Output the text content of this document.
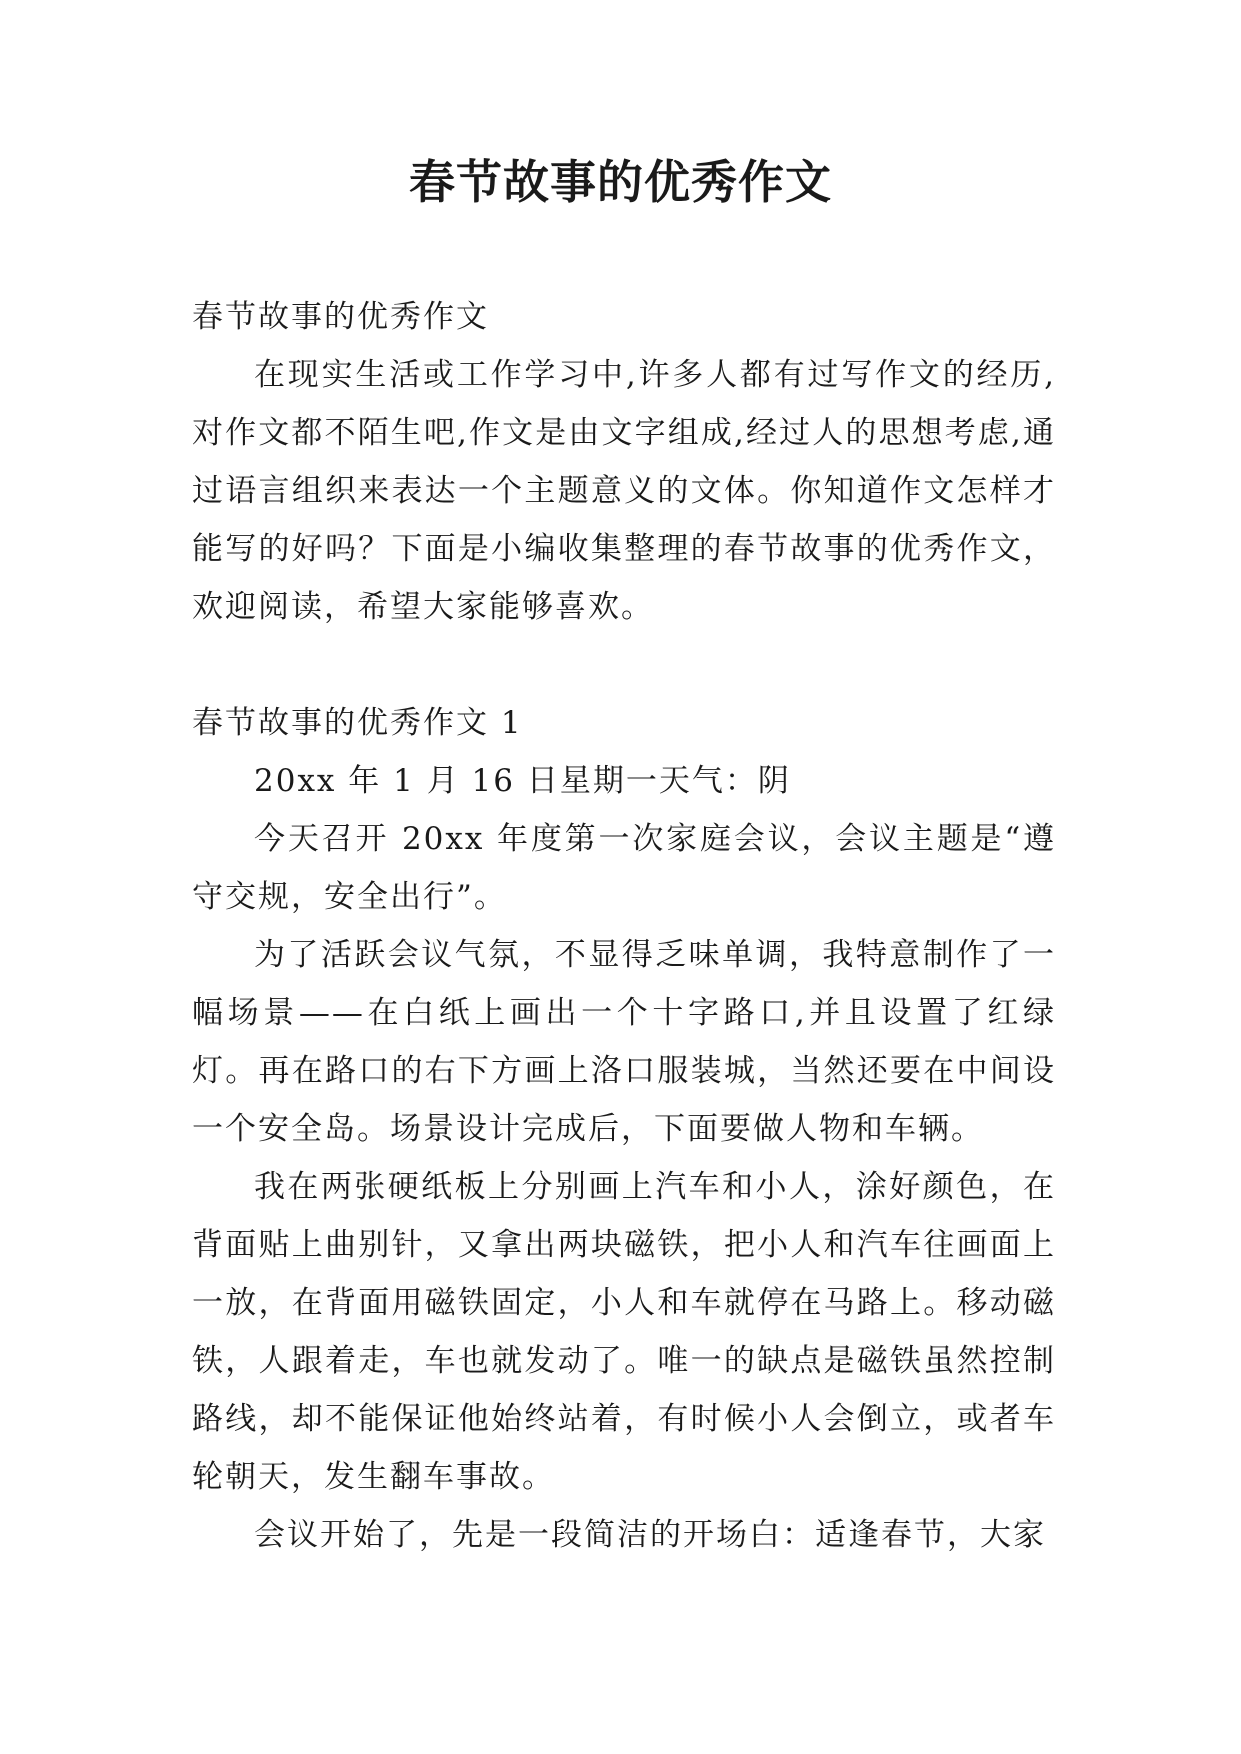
春节故事的优秀作文

春节故事的优秀作文

在现实生活或工作学习中,许多人都有过写作文的经历,对作文都不陌生吧,作文是由文字组成,经过人的思想考虑,通过语言组织来表达一个主题意义的文体。你知道作文怎样才能写的好吗？下面是小编收集整理的春节故事的优秀作文，欢迎阅读，希望大家能够喜欢。

春节故事的优秀作文 1

20xx 年 1 月 16 日星期一天气：阴

今天召开 20xx 年度第一次家庭会议，会议主题是“遵守交规，安全出行”。

为了活跃会议气氛，不显得乏味单调，我特意制作了一幅场景——在白纸上画出一个十字路口,并且设置了红绿灯。再在路口的右下方画上洛口服装城，当然还要在中间设一个安全岛。场景设计完成后，下面要做人物和车辆。

我在两张硬纸板上分别画上汽车和小人，涂好颜色，在背面贴上曲别针，又拿出两块磁铁，把小人和汽车往画面上一放，在背面用磁铁固定，小人和车就停在马路上。移动磁铁，人跟着走，车也就发动了。唯一的缺点是磁铁虽然控制路线，却不能保证他始终站着，有时候小人会倒立，或者车轮朝天，发生翻车事故。

会议开始了，先是一段简洁的开场白：适逢春节，大家
